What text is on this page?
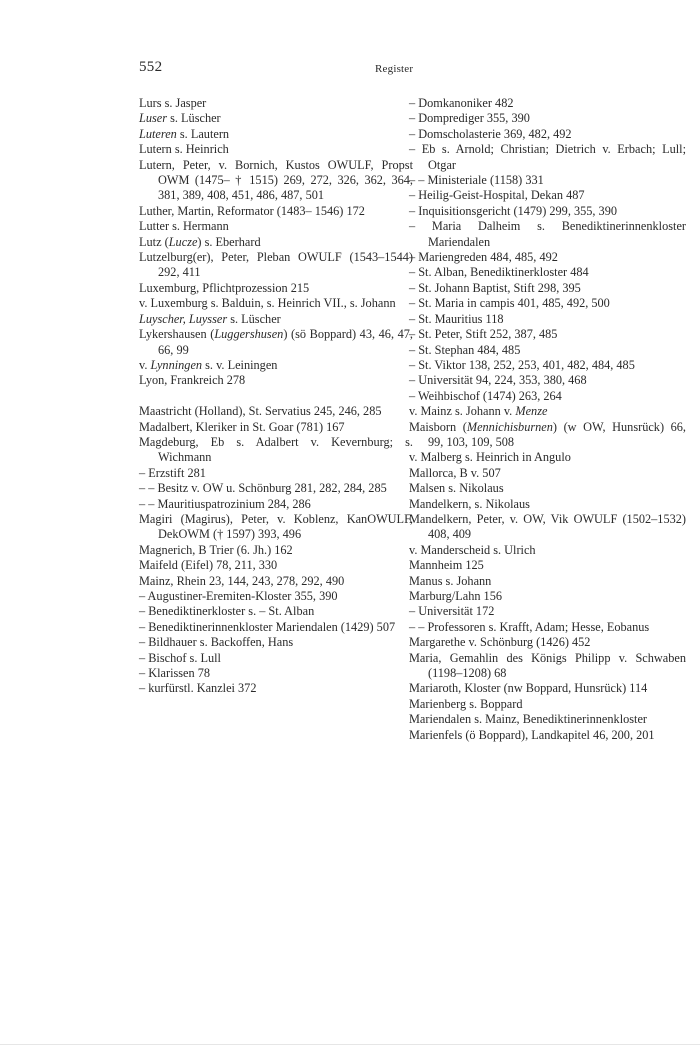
552	Register
Lurs s. Jasper
Luser s. Lüscher
Luteren s. Lautern
Lutern s. Heinrich
Lutern, Peter, v. Bornich, Kustos OWULF, Propst OWM (1475– † 1515) 269, 272, 326, 362, 364, 381, 389, 408, 451, 486, 487, 501
Luther, Martin, Reformator (1483– 1546) 172
Lutter s. Hermann
Lutz (Lucze) s. Eberhard
Lutzelburg(er), Peter, Pleban OWULF (1543–1544) 292, 411
Luxemburg, Pflichtprozession 215
v. Luxemburg s. Balduin, s. Heinrich VII., s. Johann
Luyscher, Luysser s. Lüscher
Lykershausen (Luggershusen) (sö Boppard) 43, 46, 47, 66, 99
v. Lynningen s. v. Leiningen
Lyon, Frankreich 278
Maastricht (Holland), St. Servatius 245, 246, 285
Madalbert, Kleriker in St. Goar (781) 167
Magdeburg, Eb s. Adalbert v. Kevernburg; s. Wichmann
– Erzstift 281
– – Besitz v. OW u. Schönburg 281, 282, 284, 285
– – Mauritiuspatrozinium 284, 286
Magiri (Magirus), Peter, v. Koblenz, KanOWULF, DekOWM († 1597) 393, 496
Magnerich, B Trier (6. Jh.) 162
Maifeld (Eifel) 78, 211, 330
Mainz, Rhein 23, 144, 243, 278, 292, 490
– Augustiner-Eremiten-Kloster 355, 390
– Benediktinerkloster s. – St. Alban
– Benediktinerinnenkloster Mariendalen (1429) 507
– Bildhauer s. Backoffen, Hans
– Bischof s. Lull
– Klarissen 78
– kurfürstl. Kanzlei 372
– Domkanoniker 482
– Domprediger 355, 390
– Domscholasterie 369, 482, 492
– Eb s. Arnold; Christian; Dietrich v. Erbach; Lull; Otgar
– – Ministeriale (1158) 331
– Heilig-Geist-Hospital, Dekan 487
– Inquisitionsgericht (1479) 299, 355, 390
– Maria Dalheim s. Benediktinerinnenkloster Mariendalen
– Mariengreden 484, 485, 492
– St. Alban, Benediktinerkloster 484
– St. Johann Baptist, Stift 298, 395
– St. Maria in campis 401, 485, 492, 500
– St. Mauritius 118
– St. Peter, Stift 252, 387, 485
– St. Stephan 484, 485
– St. Viktor 138, 252, 253, 401, 482, 484, 485
– Universität 94, 224, 353, 380, 468
– Weihbischof (1474) 263, 264
v. Mainz s. Johann v. Menze
Maisborn (Mennichisburnen) (w OW, Hunsrück) 66, 99, 103, 109, 508
v. Malberg s. Heinrich in Angulo
Mallorca, B v. 507
Malsen s. Nikolaus
Mandelkern, s. Nikolaus
Mandelkern, Peter, v. OW, Vik OWULF (1502–1532) 408, 409
v. Manderscheid s. Ulrich
Mannheim 125
Manus s. Johann
Marburg/Lahn 156
– Universität 172
– – Professoren s. Krafft, Adam; Hesse, Eobanus
Margarethe v. Schönburg (1426) 452
Maria, Gemahlin des Königs Philipp v. Schwaben (1198–1208) 68
Mariaroth, Kloster (nw Boppard, Hunsrück) 114
Marienberg s. Boppard
Mariendalen s. Mainz, Benediktinerinnenkloster
Marienfels (ö Boppard), Landkapitel 46, 200, 201
